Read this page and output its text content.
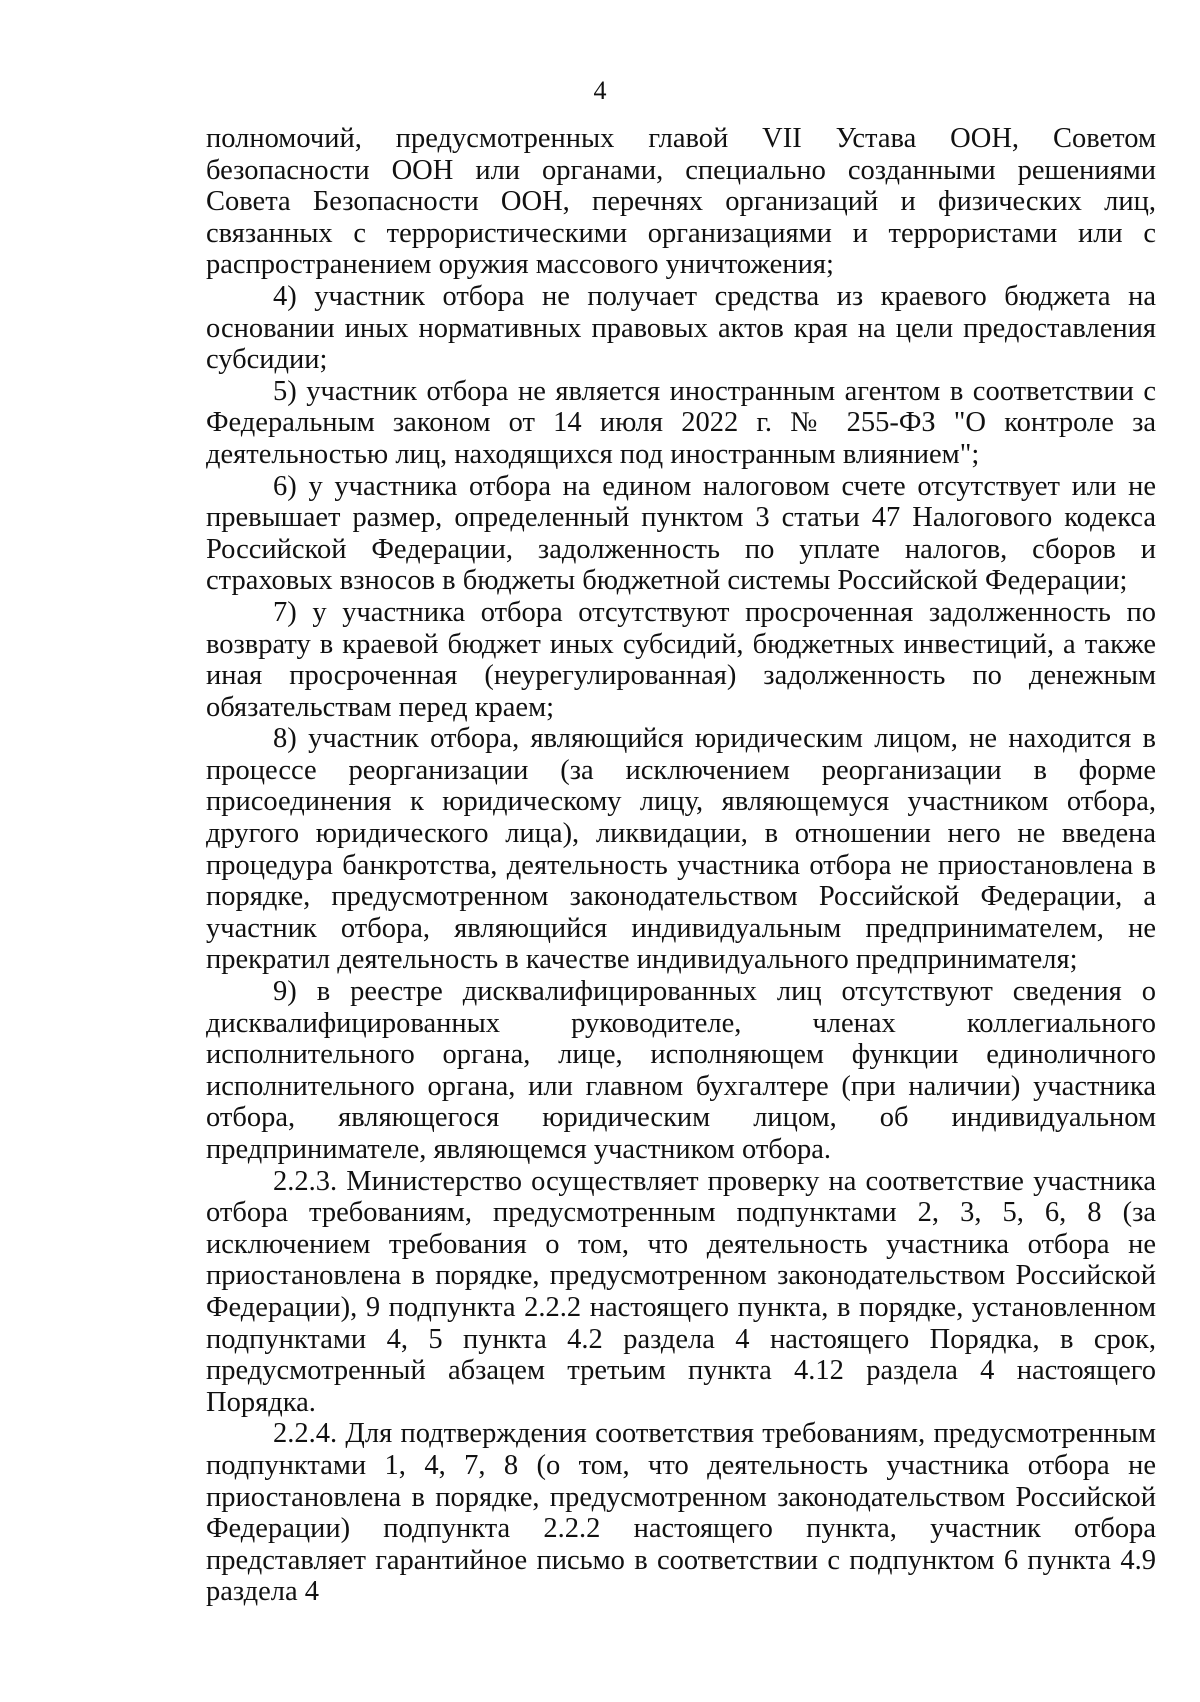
4

полномочий, предусмотренных главой VII Устава ООН, Советом безопасности ООН или органами, специально созданными решениями Совета Безопасности ООН, перечнях организаций и физических лиц, связанных с террористическими организациями и террористами или с распространением оружия массового уничтожения;

4) участник отбора не получает средства из краевого бюджета на основании иных нормативных правовых актов края на цели предоставления субсидии;

5) участник отбора не является иностранным агентом в соответствии с Федеральным законом от 14 июля 2022 г. № 255-ФЗ "О контроле за деятельностью лиц, находящихся под иностранным влиянием";

6) у участника отбора на едином налоговом счете отсутствует или не превышает размер, определенный пунктом 3 статьи 47 Налогового кодекса Российской Федерации, задолженность по уплате налогов, сборов и страховых взносов в бюджеты бюджетной системы Российской Федерации;

7) у участника отбора отсутствуют просроченная задолженность по возврату в краевой бюджет иных субсидий, бюджетных инвестиций, а также иная просроченная (неурегулированная) задолженность по денежным обязательствам перед краем;

8) участник отбора, являющийся юридическим лицом, не находится в процессе реорганизации (за исключением реорганизации в форме присоединения к юридическому лицу, являющемуся участником отбора, другого юридического лица), ликвидации, в отношении него не введена процедура банкротства, деятельность участника отбора не приостановлена в порядке, предусмотренном законодательством Российской Федерации, а участник отбора, являющийся индивидуальным предпринимателем, не прекратил деятельность в качестве индивидуального предпринимателя;

9) в реестре дисквалифицированных лиц отсутствуют сведения о дисквалифицированных руководителе, членах коллегиального исполнительного органа, лице, исполняющем функции единоличного исполнительного органа, или главном бухгалтере (при наличии) участника отбора, являющегося юридическим лицом, об индивидуальном предпринимателе, являющемся участником отбора.

2.2.3. Министерство осуществляет проверку на соответствие участника отбора требованиям, предусмотренным подпунктами 2, 3, 5, 6, 8 (за исключением требования о том, что деятельность участника отбора не приостановлена в порядке, предусмотренном законодательством Российской Федерации), 9 подпункта 2.2.2 настоящего пункта, в порядке, установленном подпунктами 4, 5 пункта 4.2 раздела 4 настоящего Порядка, в срок, предусмотренный абзацем третьим пункта 4.12 раздела 4 настоящего Порядка.

2.2.4. Для подтверждения соответствия требованиям, предусмотренным подпунктами 1, 4, 7, 8 (о том, что деятельность участника отбора не приостановлена в порядке, предусмотренном законодательством Российской Федерации) подпункта 2.2.2 настоящего пункта, участник отбора представляет гарантийное письмо в соответствии с подпунктом 6 пункта 4.9 раздела 4
